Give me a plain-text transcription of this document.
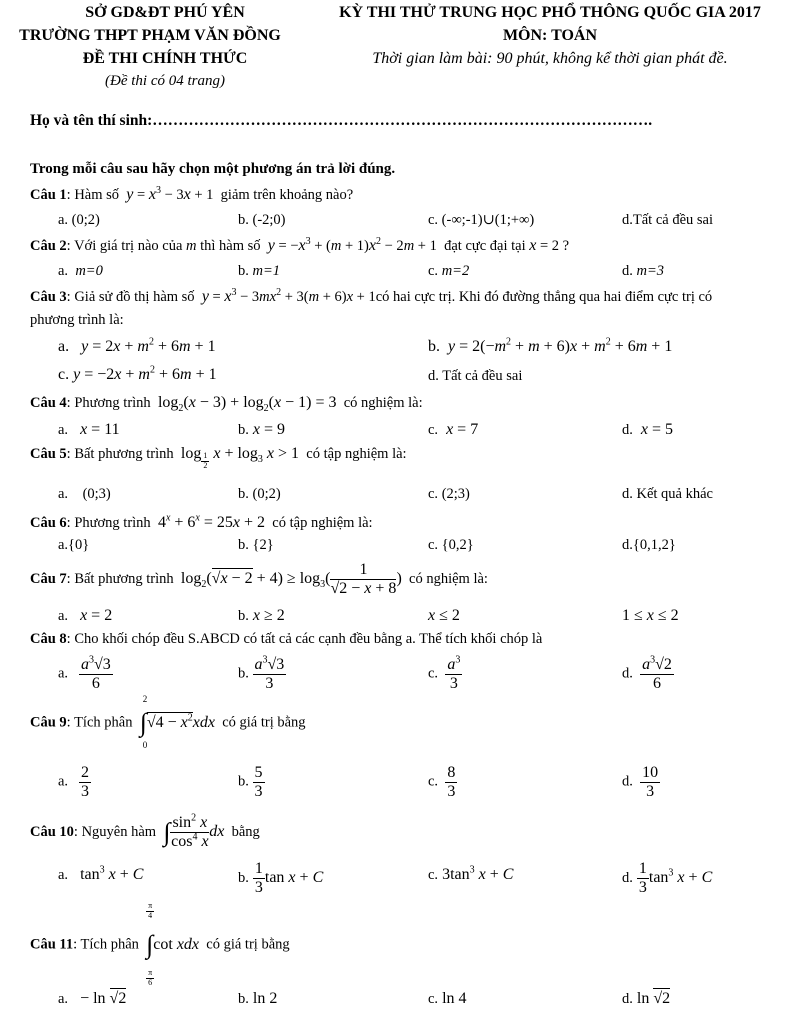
SỞ GD&ĐT PHÚ YÊN
TRƯỜNG THPT PHẠM VĂN ĐỒNG
ĐỀ THI CHÍNH THỨC
(Đề thi có 04 trang)
KỲ THI THỬ TRUNG HỌC PHỔ THÔNG QUỐC GIA 2017
MÔN: TOÁN
Thời gian làm bài: 90 phút, không kể thời gian phát đề.
Họ và tên thí sinh:…………………………………………………………………………………….
Trong mỗi câu sau hãy chọn một phương án trả lời đúng.
Câu 1: Hàm số $y = x^3 - 3x + 1$  giảm trên khoảng nào?
a. (0;2)	b. (-2;0)	c. (-∞;-1)∪(1;+∞)	d.Tất cả đều sai
Câu 2: Với giá trị nào của m thì hàm số $y = -x^3 + (m + 1)x^2 - 2m + 1$  đạt cực đại tại x = 2 ?
a.  m=0	b. m=1	c. m=2	d. m=3
Câu 3: Giả sử đồ thị hàm số $y = x^3 - 3mx^2 + 3(m + 6)x$ + 1có hai cực trị. Khi đó đường thẳng qua hai điểm cực trị có
phương trình là:
a.   $y = 2x + m^2 + 6m + 1$	b.  $y = 2(-m^2 + m + 6)x + m^2 + 6m + 1$
c. $y = -2x + m^2 + 6m + 1$	d. Tất cả đều sai
Câu 4: Phương trình $\log_2(x - 3) + \log_2(x - 1) = 3$ có nghiệm là:
a. x = 11	b. x = 9	c. x = 7	d. x = 5
Câu 5: Bất phương trình $\log \frac{1}{2}$ $x + \log_3 x > 1$ có tập nghiệm là:
a.    (0;3)	b. (0;2)	c. (2;3)	d. Kết quả khác
Câu 6: Phương trình $4^x + 6^x = 25x + 2$ có tập nghiệm là:
a.{0}	b. {2}	c. {0,2}	d.{0,1,2}
Câu 7: Bất phương trình $\log_2(√x - 2 + 4) \ge \log_3( \frac{1}{√2 - x + 8}$ ) có nghiệm là:
a. x = 2	b. x ≥ 2	x ≤ 2	1 ≤ x ≤ 2
Câu 8: Cho khối chóp đều S.ABCD có tất cả các cạnh đều bằng a. Thể tích khối chóp là
a. $\frac{a^3√3}{6}$	b. $\frac{a^3√3}{3}$	c. $\frac{a^3}{3}$	d. $\frac{a^3√2}{6}$
Câu 9: Tích phân
2
∫
0
$√4 - x^2xdx$ có giá trị bằng
a. $\frac{2}{3}$	b. $\frac{5}{3}$	c. $\frac{8}{3}$	d. $\frac{10}{3}$
Câu 10: Nguyên hàm ∫ $\frac{\sin^2 x}{\cos^4 x}$ dx bằng
a.   $\tan^3 x + C$	b. $\frac{1}{3}$ tan x + C	c. $3\tan^3$ x + C	d. $\frac{1}{3} \tan^3 x + C$
Câu 11: Tích phân
$\frac{\pi}{4}$
∫
$\frac{\pi}{6}$
cot xdx có giá trị bằng
a.   − ln √2	b. ln 2	c. ln 4	d. ln √2
